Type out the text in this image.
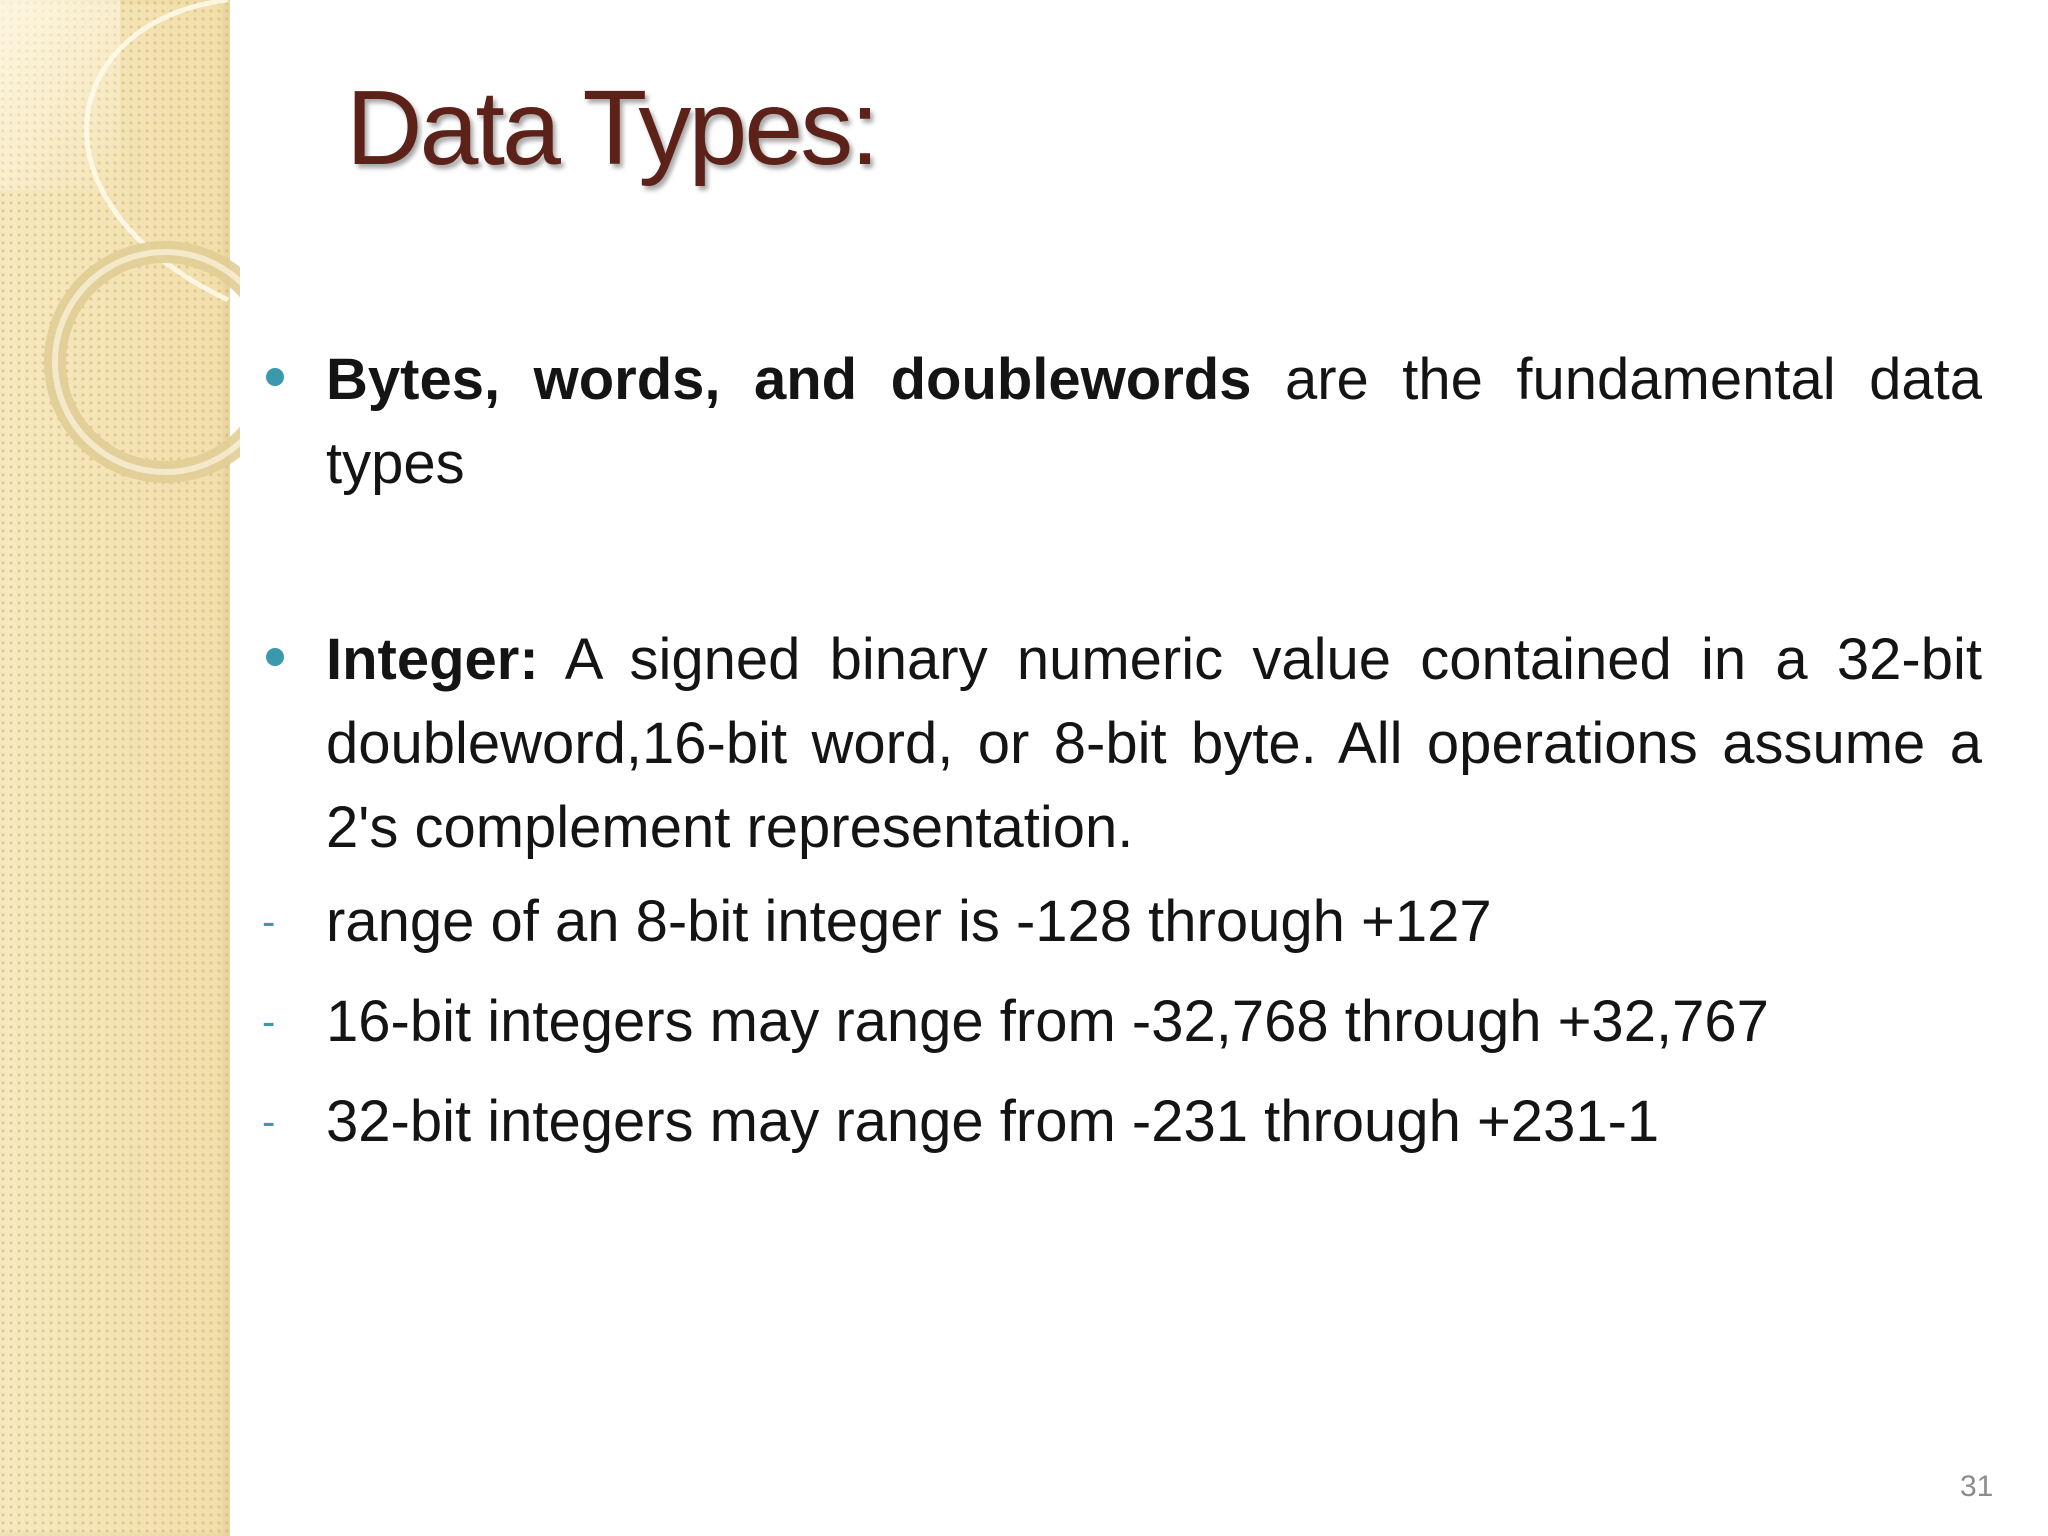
Data Types:

Bytes, words, and doublewords are the fundamental data types

Integer: A signed binary numeric value contained in a 32-bit doubleword,16-bit word, or 8-bit byte. All operations assume a 2's complement representation.

- range of an 8-bit integer is -128 through +127
- 16-bit integers may range from -32,768 through +32,767
- 32-bit integers may range from -231 through +231-1
31
